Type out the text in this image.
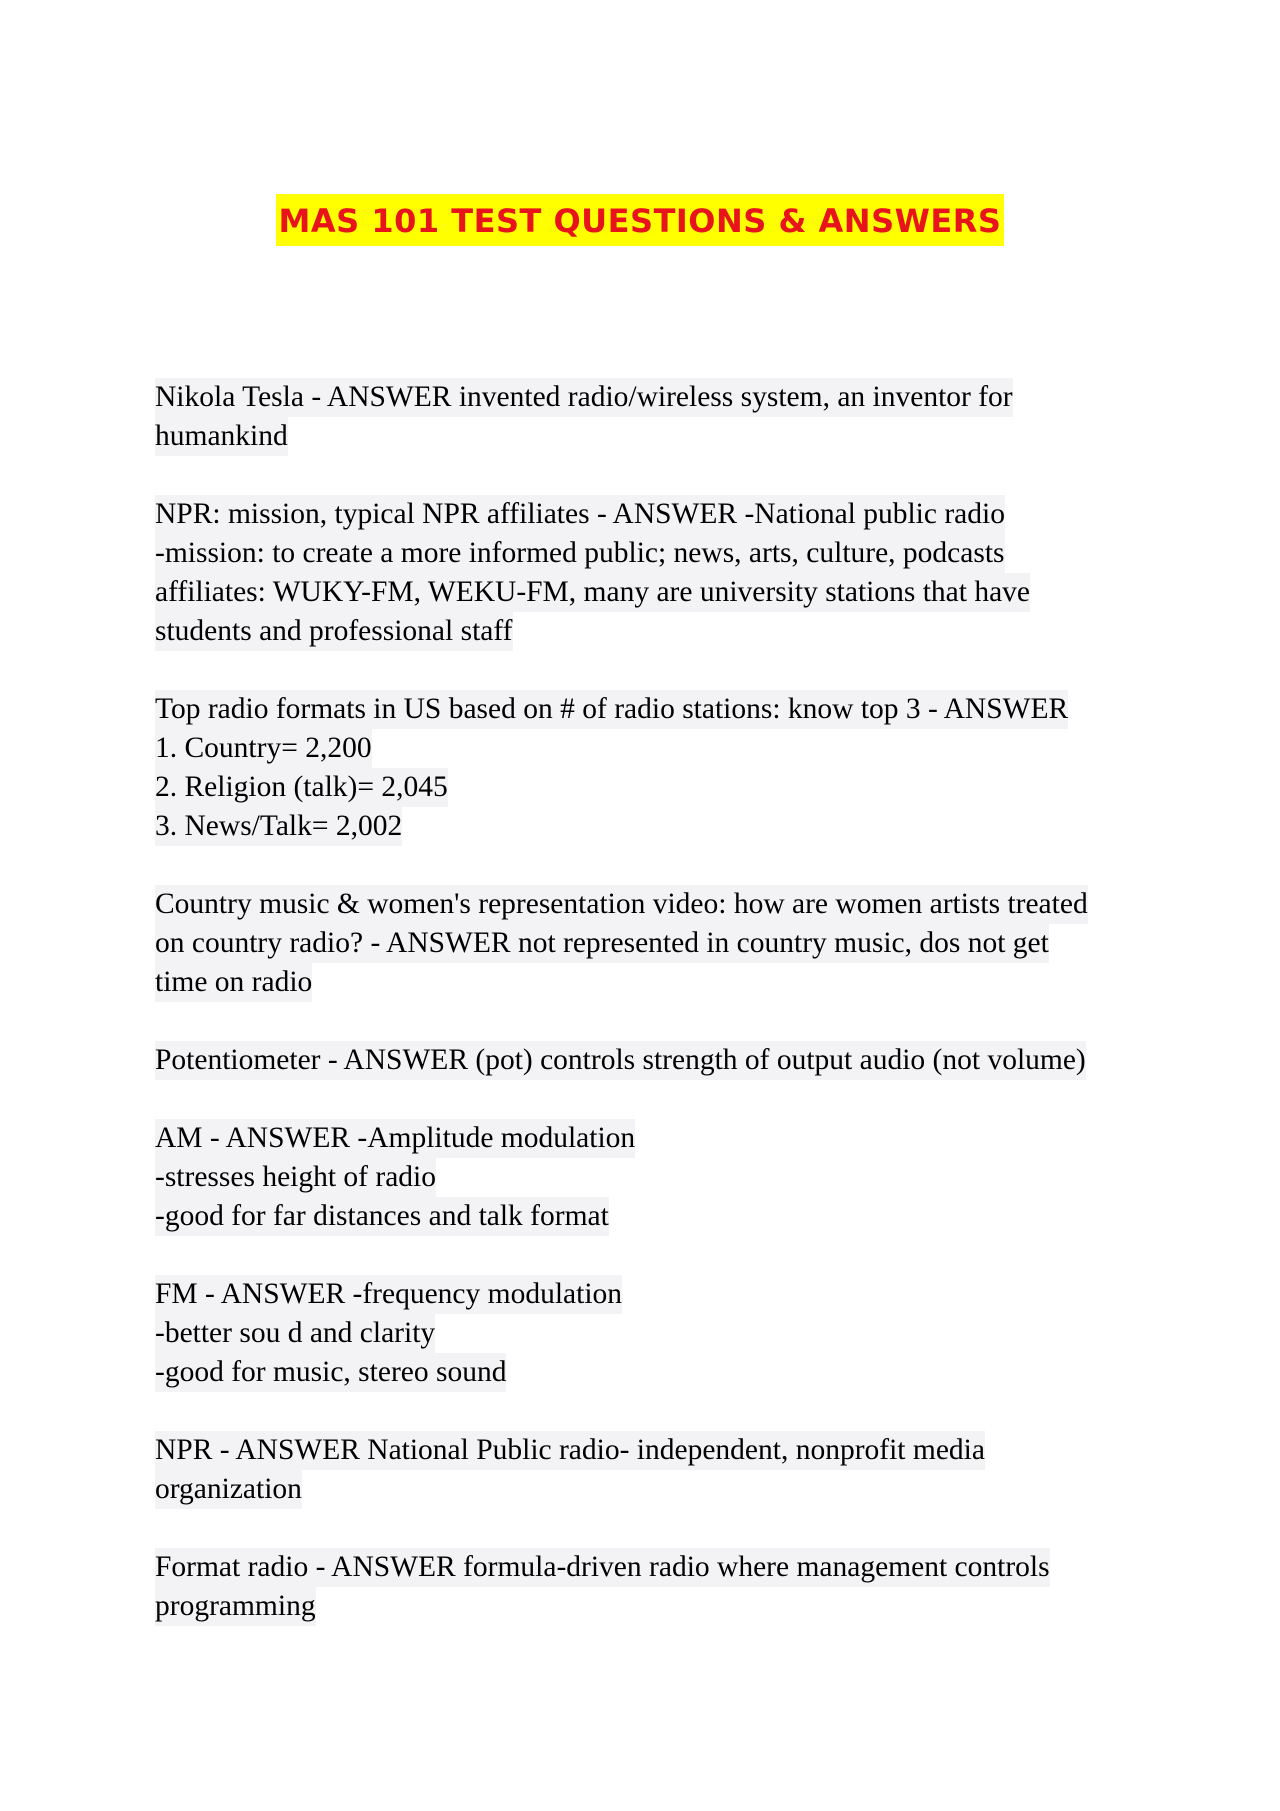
MAS 101 TEST QUESTIONS & ANSWERS
Nikola Tesla - ANSWER invented radio/wireless system, an inventor for
humankind
NPR: mission, typical NPR affiliates - ANSWER -National public radio
-mission: to create a more informed public; news, arts, culture, podcasts
affiliates: WUKY-FM, WEKU-FM, many are university stations that have
students and professional staff
Top radio formats in US based on # of radio stations: know top 3 - ANSWER
1. Country= 2,200
2. Religion (talk)= 2,045
3. News/Talk= 2,002
Country music & women's representation video: how are women artists treated
on country radio? - ANSWER not represented in country music, dos not get
time on radio
Potentiometer - ANSWER (pot) controls strength of output audio (not volume)
AM - ANSWER -Amplitude modulation
-stresses height of radio
-good for far distances and talk format
FM - ANSWER -frequency modulation
-better sou d and clarity
-good for music, stereo sound
NPR - ANSWER National Public radio- independent, nonprofit media
organization
Format radio - ANSWER formula-driven radio where management controls
programming
